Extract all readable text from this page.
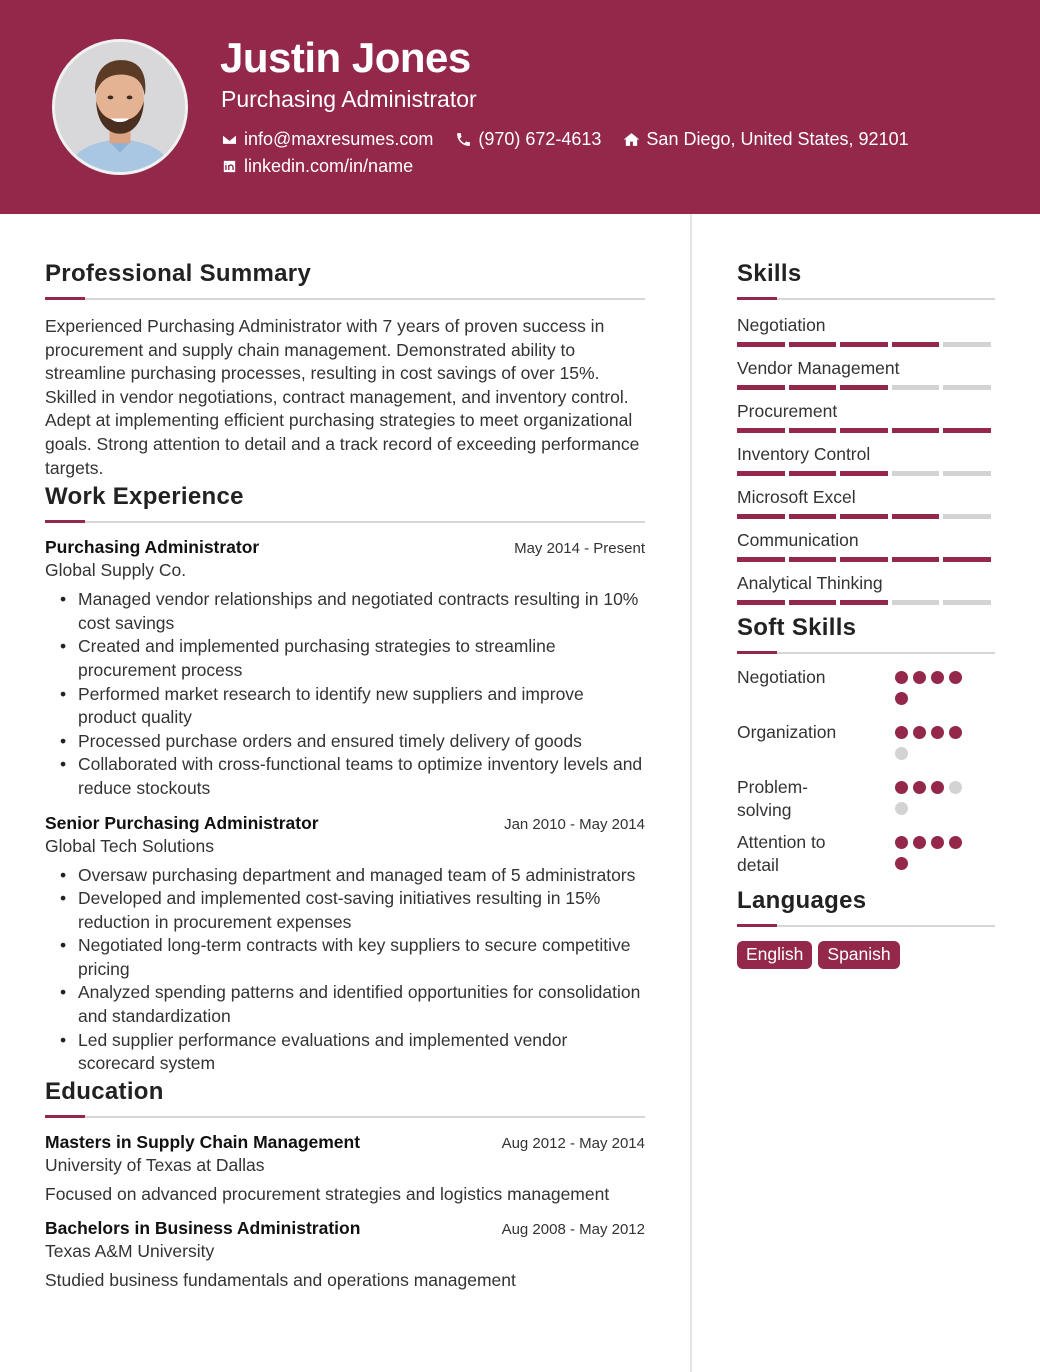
Justin Jones
Purchasing Administrator
info@maxresumes.com	(970) 672-4613	San Diego, United States, 92101
linkedin.com/in/name
Professional Summary
Experienced Purchasing Administrator with 7 years of proven success in procurement and supply chain management. Demonstrated ability to streamline purchasing processes, resulting in cost savings of over 15%. Skilled in vendor negotiations, contract management, and inventory control. Adept at implementing efficient purchasing strategies to meet organizational goals. Strong attention to detail and a track record of exceeding performance targets.
Work Experience
Purchasing Administrator	May 2014 - Present
Global Supply Co.
• Managed vendor relationships and negotiated contracts resulting in 10% cost savings
• Created and implemented purchasing strategies to streamline procurement process
• Performed market research to identify new suppliers and improve product quality
• Processed purchase orders and ensured timely delivery of goods
• Collaborated with cross-functional teams to optimize inventory levels and reduce stockouts
Senior Purchasing Administrator	Jan 2010 - May 2014
Global Tech Solutions
• Oversaw purchasing department and managed team of 5 administrators
• Developed and implemented cost-saving initiatives resulting in 15% reduction in procurement expenses
• Negotiated long-term contracts with key suppliers to secure competitive pricing
• Analyzed spending patterns and identified opportunities for consolidation and standardization
• Led supplier performance evaluations and implemented vendor scorecard system
Education
Masters in Supply Chain Management	Aug 2012 - May 2014
University of Texas at Dallas
Focused on advanced procurement strategies and logistics management
Bachelors in Business Administration	Aug 2008 - May 2012
Texas A&M University
Studied business fundamentals and operations management
Skills
Negotiation
Vendor Management
Procurement
Inventory Control
Microsoft Excel
Communication
Analytical Thinking
Soft Skills
Negotiation
Organization
Problem-solving
Attention to detail
Languages
English	Spanish
